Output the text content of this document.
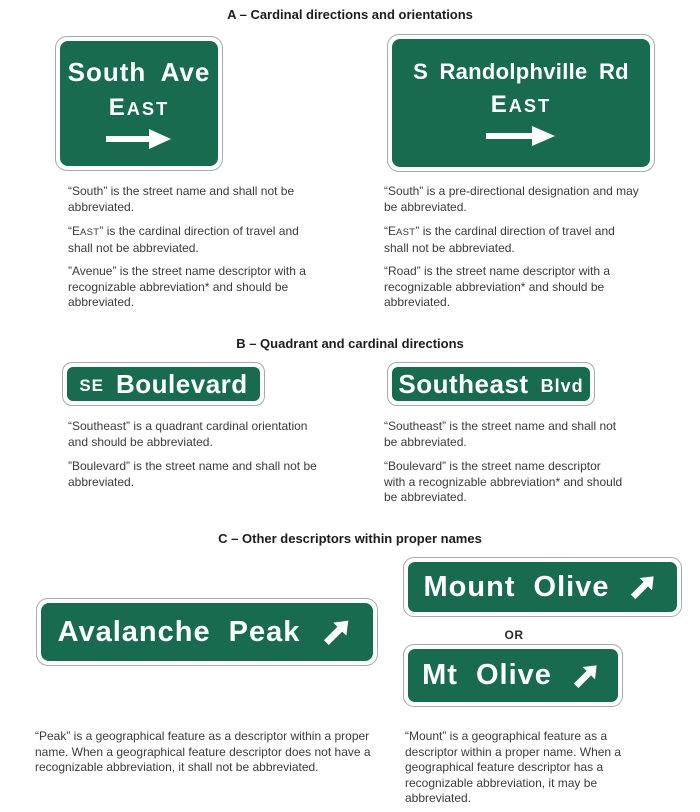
A – Cardinal directions and orientations
South Ave
EAST
S Randolphville Rd
EAST

“South” is the street name and shall not be abbreviated.

“EAST” is the cardinal direction of travel and shall not be abbreviated.

”Avenue” is the street name descriptor with a recognizable abbreviation* and should be abbreviated.

“South” is a pre-directional designation and may be abbreviated.

“EAST” is the cardinal direction of travel and shall not be abbreviated.

“Road” is the street name descriptor with a recognizable abbreviation* and should be abbreviated.

B – Quadrant and cardinal directions
SE Boulevard	Southeast Blvd

“Southeast” is a quadrant cardinal orientation and should be abbreviated.

”Boulevard” is the street name and shall not be abbreviated.

“Southeast” is the street name and shall not be abbreviated.

“Boulevard” is the street name descriptor with a recognizable abbreviation* and should be abbreviated.

C – Other descriptors within proper names
Mount Olive
OR
Avalanche Peak
Mt Olive

“Peak” is a geographical feature as a descriptor within a proper name. When a geographical feature descriptor does not have a recognizable abbreviation, it shall not be abbreviated.

“Mount” is a geographical feature as a descriptor within a proper name. When a geographical feature descriptor has a recognizable abbreviation, it may be abbreviated.
